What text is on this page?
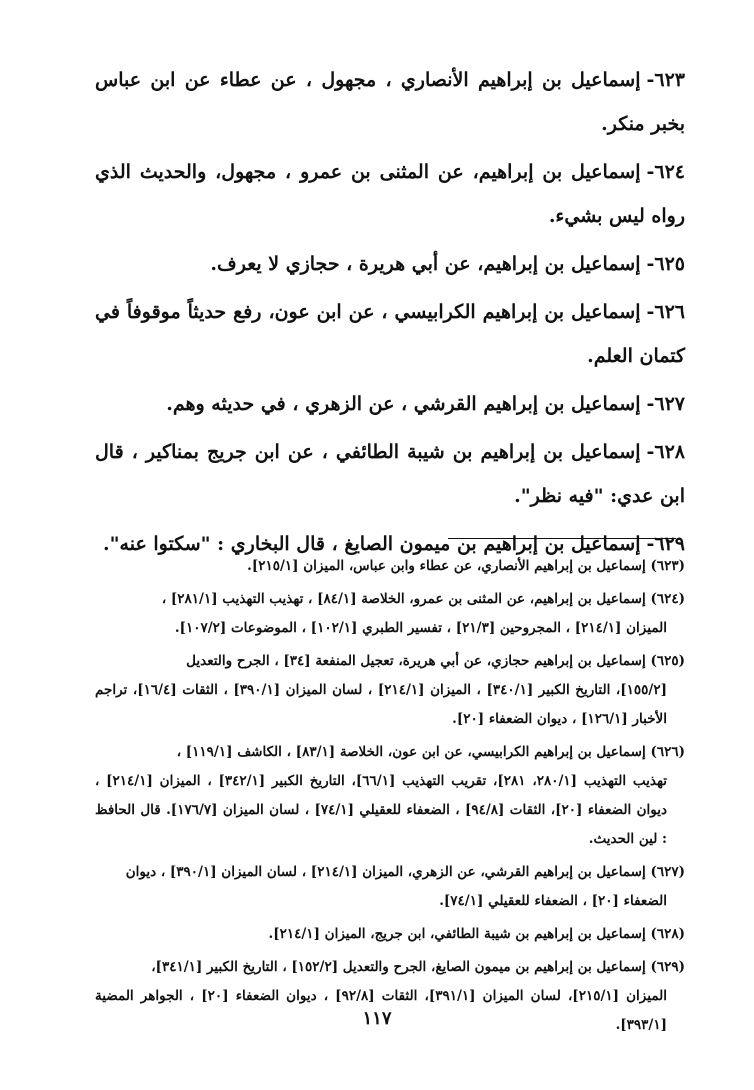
٦٢٣-إسماعيل بن إبراهيم الأنصاري ، مجهول ، عن عطاء عن ابن عباس بخبر منكر.

٦٢٤-إسماعيل بن إبراهيم، عن المثنى بن عمرو ، مجهول، والحديث الذي رواه ليس بشيء.

٦٢٥-إسماعيل بن إبراهيم، عن أبي هريرة ، حجازي لا يعرف.

٦٢٦-إسماعيل بن إبراهيم الكرابيسي ، عن ابن عون، رفع حديثاً موقوفاً في كتمان العلم.

٦٢٧-إسماعيل بن إبراهيم القرشي ، عن الزهري ، في حديثه وهم.

٦٢٨-إسماعيل بن إبراهيم بن شيبة الطائفي ، عن ابن جريج بمناكير ، قال ابن عدي: "فيه نظر".

٦٢٩-إسماعيل بن إبراهيم بن ميمون الصايغ ، قال البخاري : "سكتوا عنه".

(٦٢٣) إسماعيل بن إبراهيم الأنصاري، عن عطاء وابن عباس، الميزان [٢١٥/١].

(٦٢٤) إسماعيل بن إبراهيم، عن المثنى بن عمرو، الخلاصة [٨٤/١] ، تهذيب التهذيب [٢٨١/١] ،
الميزان [٢١٤/١] ، المجروحين [٢١/٣] ، تفسير الطبري [١٠٢/١] ، الموضوعات [١٠٧/٢].

(٦٢٥) إسماعيل بن إبراهيم حجازي، عن أبي هريرة، تعجيل المنفعة [٣٤] ، الجرح والتعديل
[١٥٥/٢]، التاريخ الكبير [٣٤٠/١] ، الميزان [٢١٤/١] ، لسان الميزان [٣٩٠/١] ، الثقات [١٦/٤]، تراجم الأخبار [١٢٦/١] ، ديوان الضعفاء [٢٠].

(٦٢٦) إسماعيل بن إبراهيم الكرابيسي، عن ابن عون، الخلاصة [٨٣/١] ، الكاشف [١١٩/١] ،
تهذيب التهذيب [٢٨٠/١، ٢٨١]، تقريب التهذيب [٦٦/١]، التاريخ الكبير [٣٤٢/١] ، الميزان [٢١٤/١] ، ديوان الضعفاء [٢٠]، الثقات [٩٤/٨] ، الضعفاء للعقيلي [٧٤/١] ، لسان الميزان [١٧٦/٧]. قال الحافظ : لين الحديث.

(٦٢٧) إسماعيل بن إبراهيم القرشي، عن الزهري، الميزان [٢١٤/١] ، لسان الميزان [٣٩٠/١] ، ديوان
الضعفاء [٢٠] ، الضعفاء للعقيلي [٧٤/١].

(٦٢٨) إسماعيل بن إبراهيم بن شيبة الطائفي، ابن جريج، الميزان [٢١٤/١].

(٦٢٩) إسماعيل بن إبراهيم بن ميمون الصايغ، الجرح والتعديل [١٥٢/٢] ، التاريخ الكبير [٣٤١/١]،
الميزان [٢١٥/١]، لسان الميزان [٣٩١/١]، الثقات [٩٢/٨] ، ديوان الضعفاء [٢٠] ، الجواهر المضية [٣٩٣/١].

١١٧
